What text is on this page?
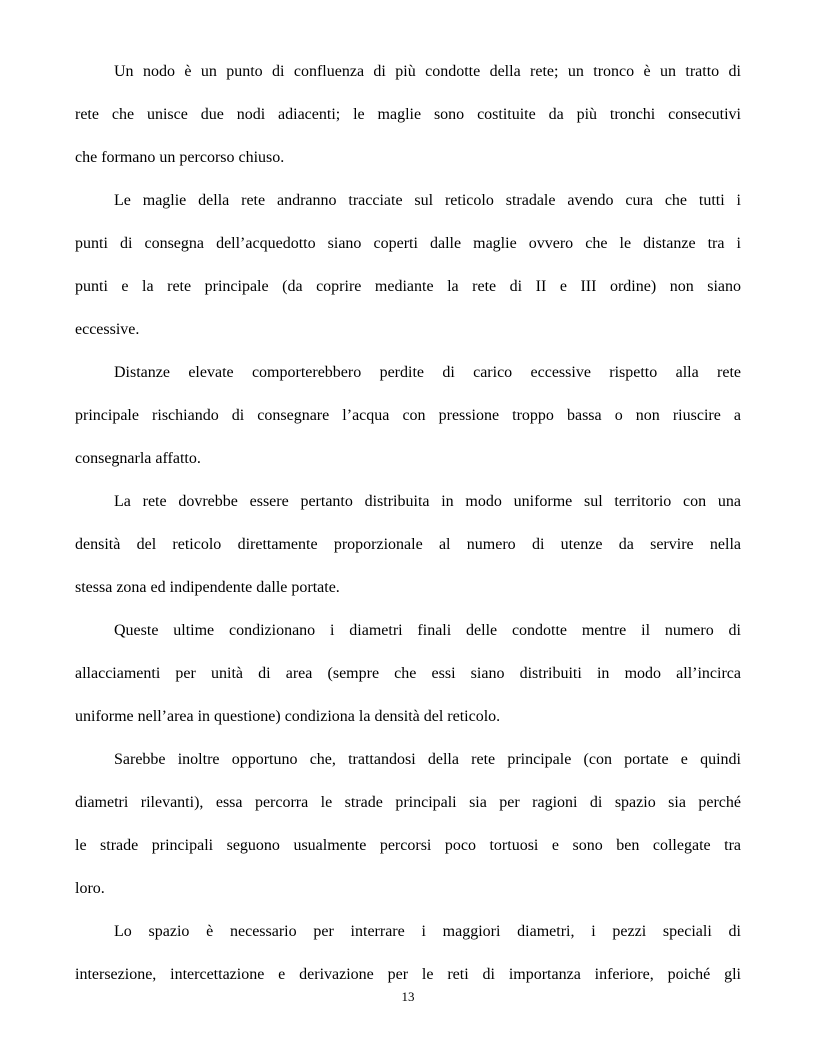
Un nodo è un punto di confluenza di più condotte della rete; un tronco è un tratto di
rete che unisce due nodi adiacenti; le maglie sono costituite da più tronchi consecutivi
che formano un percorso chiuso.
Le maglie della rete andranno tracciate sul reticolo stradale avendo cura che tutti i
punti di consegna dell’acquedotto siano coperti dalle maglie ovvero che le distanze tra i
punti e la rete principale (da coprire mediante la rete di II e III ordine) non siano
eccessive.
Distanze elevate comporterebbero perdite di carico eccessive rispetto alla rete
principale rischiando di consegnare l’acqua con pressione troppo bassa o non riuscire a
consegnarla affatto.
La rete dovrebbe essere pertanto distribuita in modo uniforme sul territorio con una
densità del reticolo direttamente proporzionale al numero di utenze da servire nella
stessa zona ed indipendente dalle portate.
Queste ultime condizionano i diametri finali delle condotte mentre il numero di
allacciamenti per unità di area (sempre che essi siano distribuiti in modo all’incirca
uniforme nell’area in questione) condiziona la densità del reticolo.
Sarebbe inoltre opportuno che, trattandosi della rete principale (con portate e quindi
diametri rilevanti), essa percorra le strade principali sia per ragioni di spazio sia perché
le strade principali seguono usualmente percorsi poco tortuosi e sono ben collegate tra
loro.
Lo spazio è necessario per interrare i maggiori diametri, i pezzi speciali di
intersezione, intercettazione e derivazione per le reti di importanza inferiore, poiché gli
13
